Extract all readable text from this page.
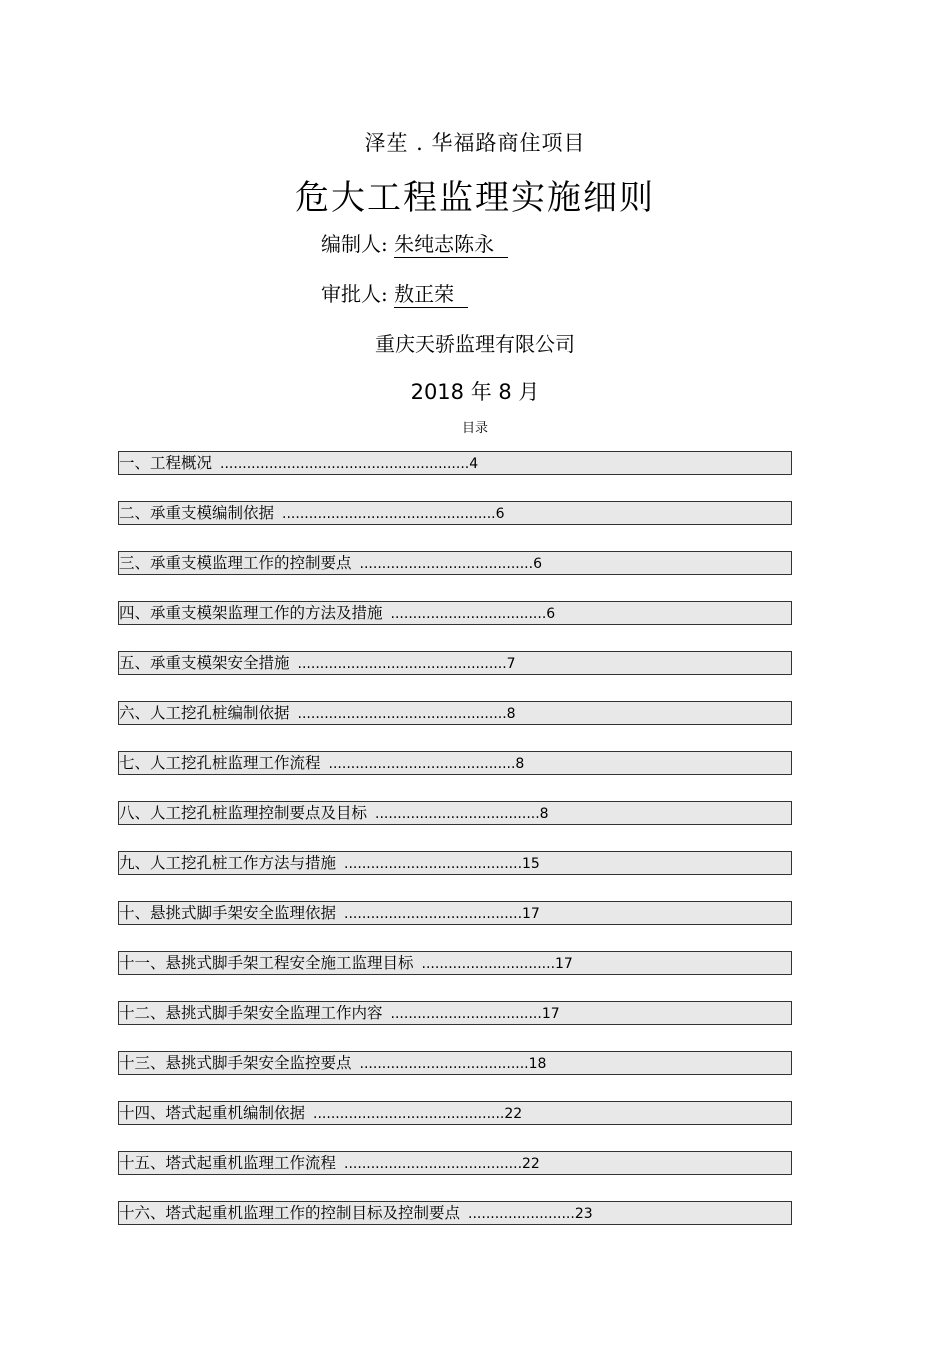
泽苼 . 华福路商住项目
危大工程监理实施细则
编制人: 朱纯志陈永
审批人: 敖正荣
重庆天骄监理有限公司
2018 年 8 月
目录
一、工程概况 ........................................................4
二、承重支模编制依据 ................................................6
三、承重支模监理工作的控制要点 .......................................6
四、承重支模架监理工作的方法及措施 ...................................6
五、承重支模架安全措施 ...............................................7
六、人工挖孔桩编制依据 ...............................................8
七、人工挖孔桩监理工作流程 ..........................................8
八、人工挖孔桩监理控制要点及目标 .....................................8
九、人工挖孔桩工作方法与措施 ........................................15
十、悬挑式脚手架安全监理依据 ........................................17
十一、悬挑式脚手架工程安全施工监理目标 ..............................17
十二、悬挑式脚手架安全监理工作内容 ..................................17
十三、悬挑式脚手架安全监控要点 ......................................18
十四、塔式起重机编制依据 ...........................................22
十五、塔式起重机监理工作流程 ........................................22
十六、塔式起重机监理工作的控制目标及控制要点 ........................23
